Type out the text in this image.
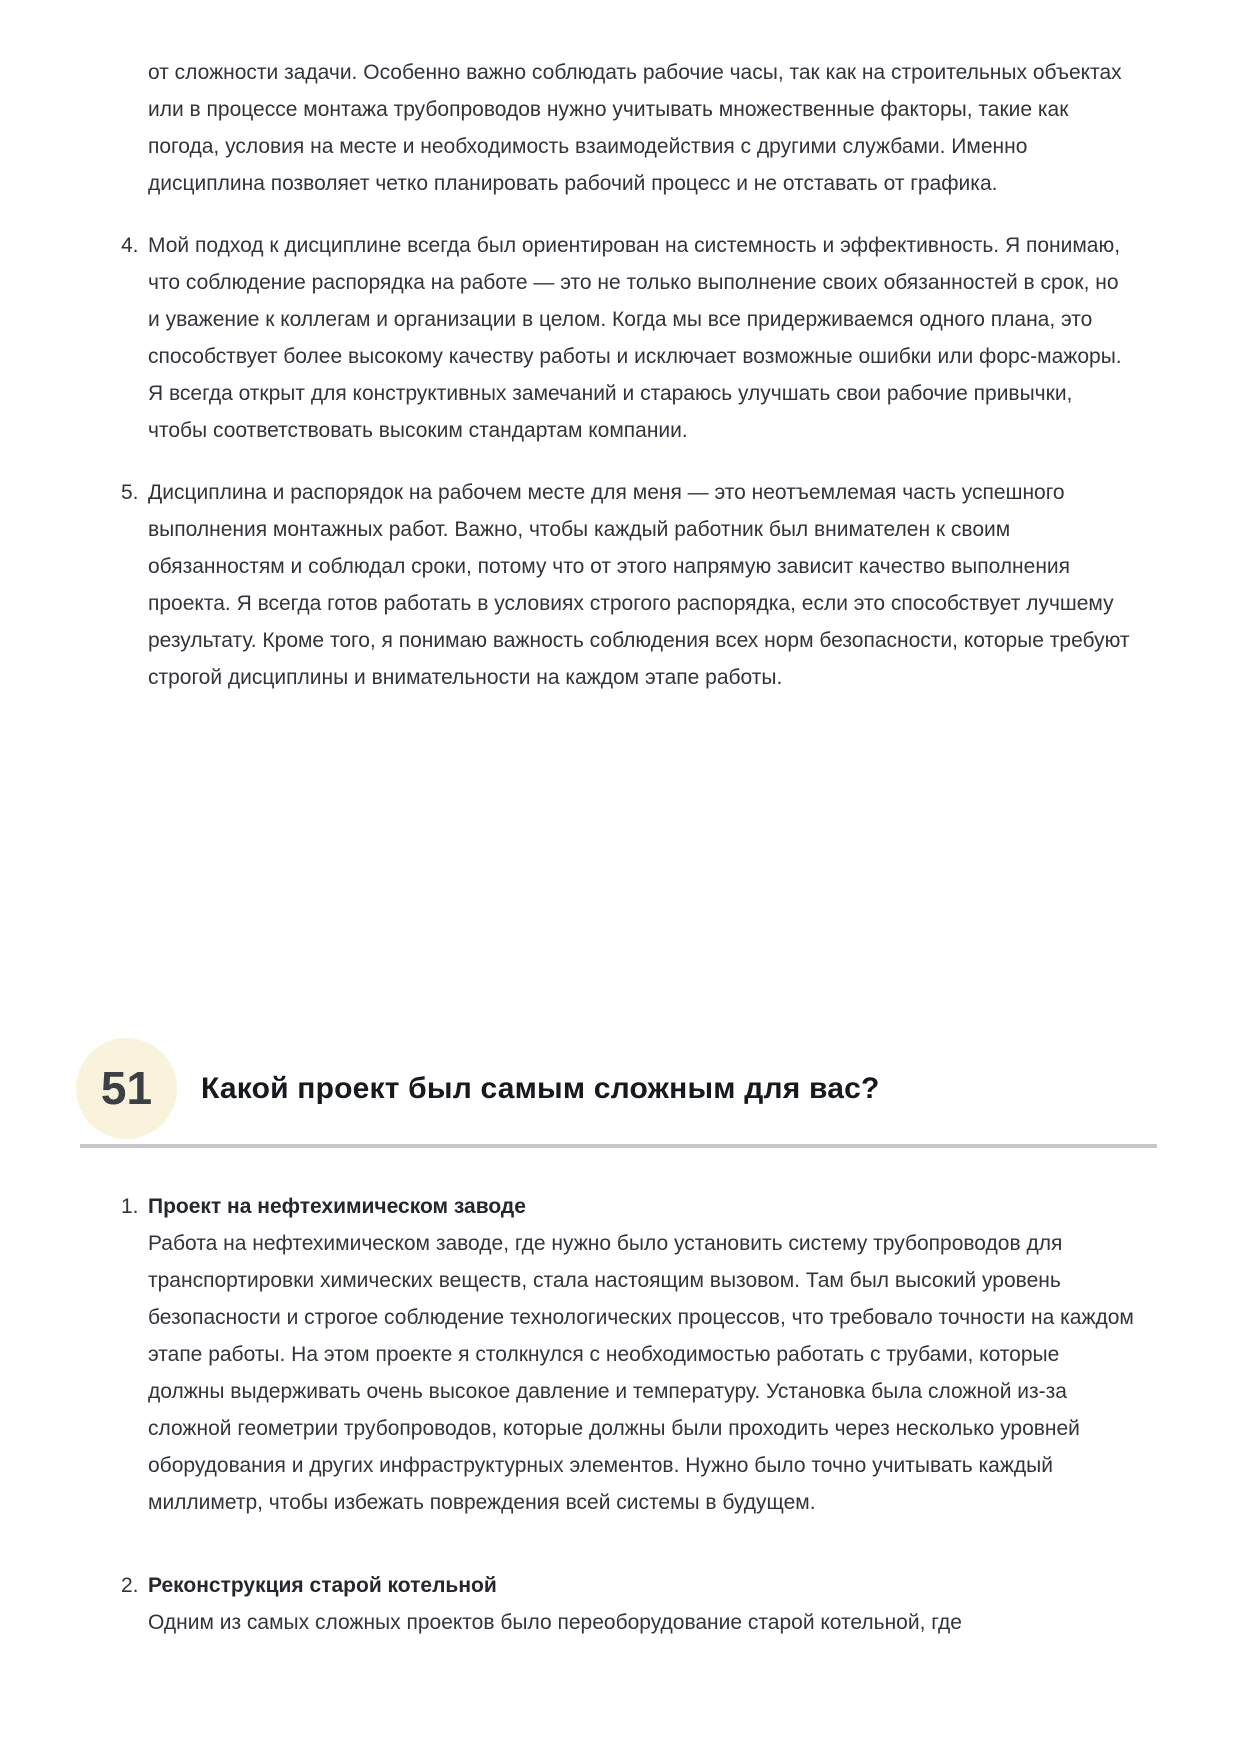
от сложности задачи. Особенно важно соблюдать рабочие часы, так как на строительных объектах или в процессе монтажа трубопроводов нужно учитывать множественные факторы, такие как погода, условия на месте и необходимость взаимодействия с другими службами. Именно дисциплина позволяет четко планировать рабочий процесс и не отставать от графика.

4. Мой подход к дисциплине всегда был ориентирован на системность и эффективность. Я понимаю, что соблюдение распорядка на работе — это не только выполнение своих обязанностей в срок, но и уважение к коллегам и организации в целом. Когда мы все придерживаемся одного плана, это способствует более высокому качеству работы и исключает возможные ошибки или форс-мажоры. Я всегда открыт для конструктивных замечаний и стараюсь улучшать свои рабочие привычки, чтобы соответствовать высоким стандартам компании.
5. Дисциплина и распорядок на рабочем месте для меня — это неотъемлемая часть успешного выполнения монтажных работ. Важно, чтобы каждый работник был внимателен к своим обязанностям и соблюдал сроки, потому что от этого напрямую зависит качество выполнения проекта. Я всегда готов работать в условиях строгого распорядка, если это способствует лучшему результату. Кроме того, я понимаю важность соблюдения всех норм безопасности, которые требуют строгой дисциплины и внимательности на каждом этапе работы.
51	Какой проект был самым сложным для вас?
1. Проект на нефтехимическом заводе
Работа на нефтехимическом заводе, где нужно было установить систему трубопроводов для транспортировки химических веществ, стала настоящим вызовом. Там был высокий уровень безопасности и строгое соблюдение технологических процессов, что требовало точности на каждом этапе работы. На этом проекте я столкнулся с необходимостью работать с трубами, которые должны выдерживать очень высокое давление и температуру. Установка была сложной из-за сложной геометрии трубопроводов, которые должны были проходить через несколько уровней оборудования и других инфраструктурных элементов. Нужно было точно учитывать каждый миллиметр, чтобы избежать повреждения всей системы в будущем.
2. Реконструкция старой котельной
Одним из самых сложных проектов было переоборудование старой котельной, где
